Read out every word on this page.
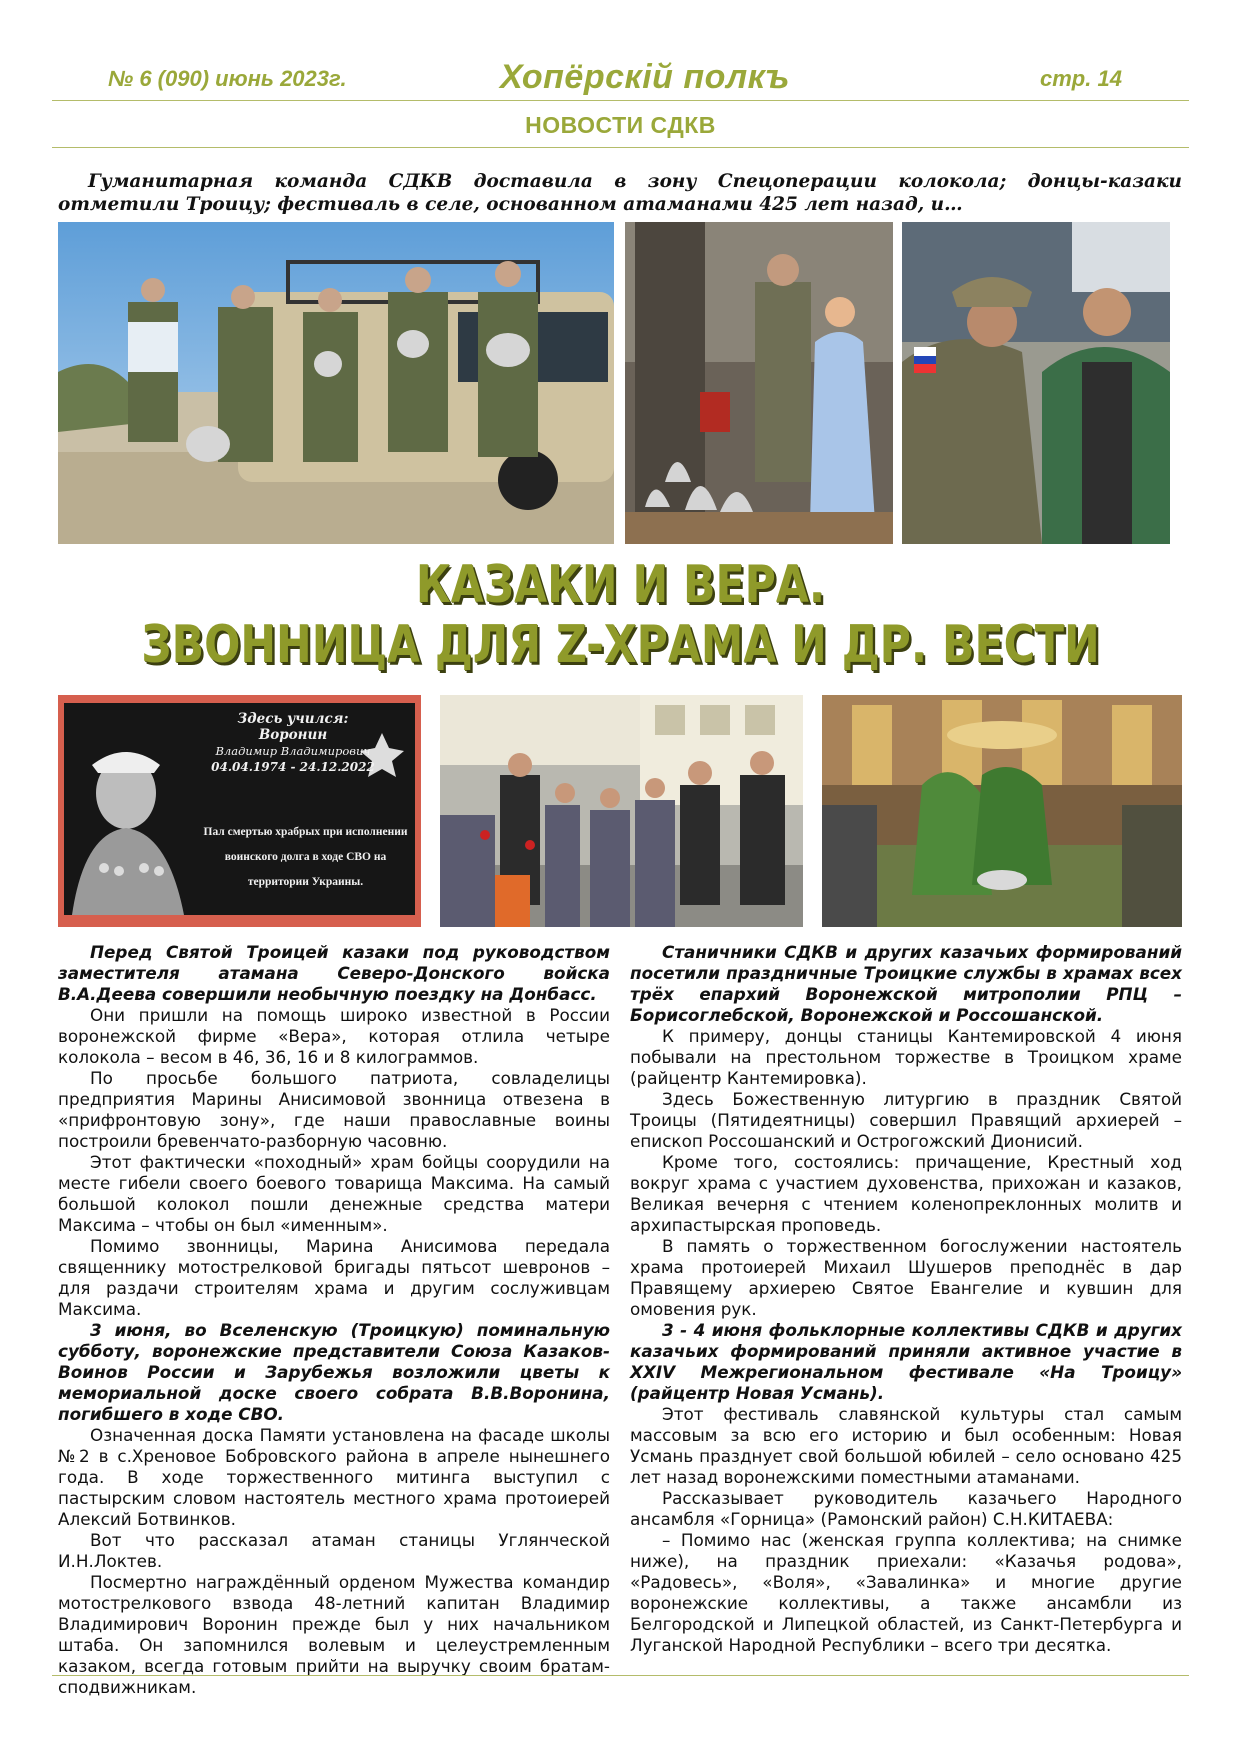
№ 6 (090) июнь 2023г.	Хопёрскiй полкъ	стр. 14
НОВОСТИ СДКВ
Гуманитарная команда СДКВ доставила в зону Спецоперации колокола; донцы-казаки отметили Троицу; фестиваль в селе, основанном атаманами 425 лет назад, и…
КАЗАКИ И ВЕРА.
ЗВОННИЦА ДЛЯ Z-ХРАМА И ДР. ВЕСТИ
Здесь учился:
Воронин
Владимир Владимирович
04.04.1974 - 24.12.2022
Пал смертью храбрых при исполнении
воинского долга в ходе СВО на
территории Украины.

Перед Святой Троицей казаки под руководством заместителя атамана Северо-Донского войска В.А.Деева совершили необычную поездку на Донбасс.

Они пришли на помощь широко известной в России воронежской фирме «Вера», которая отлила четыре колокола – весом в 46, 36, 16 и 8 килограммов.

По просьбе большого патриота, совладелицы предприятия Марины Анисимовой звонница отвезена в «прифронтовую зону», где наши православные воины построили бревенчато-разборную часовню.

Этот фактически «походный» храм бойцы соорудили на месте гибели своего боевого товарища Максима. На самый большой колокол пошли денежные средства матери Максима – чтобы он был «именным».

Помимо звонницы, Марина Анисимова передала священнику мотострелковой бригады пятьсот шевронов – для раздачи строителям храма и другим сослуживцам Максима.

3 июня, во Вселенскую (Троицкую) поминальную субботу, воронежские представители Союза Казаков-Воинов России и Зарубежья возложили цветы к мемориальной доске своего собрата В.В.Воронина, погибшего в ходе СВО.

Означенная доска Памяти установлена на фасаде школы №2 в с.Хреновое Бобровского района в апреле нынешнего года. В ходе торжественного митинга выступил с пастырским словом настоятель местного храма протоиерей Алексий Ботвинков.

Вот что рассказал атаман станицы Углянческой И.Н.Локтев.

Посмертно награждённый орденом Мужества командир мотострелкового взвода 48-летний капитан Владимир Владимирович Воронин прежде был у них начальником штаба. Он запомнился волевым и целеустремленным казаком, всегда готовым прийти на выручку своим братам-сподвижникам.

Станичники СДКВ и других казачьих формирований посетили праздничные Троицкие службы в храмах всех трёх епархий Воронежской митрополии РПЦ – Борисоглебской, Воронежской и Россошанской.

К примеру, донцы станицы Кантемировской 4 июня побывали на престольном торжестве в Троицком храме (райцентр Кантемировка).

Здесь Божественную литургию в праздник Святой Троицы (Пятидеятницы) совершил Правящий архиерей – епископ Россошанский и Острогожский Дионисий.

Кроме того, состоялись: причащение, Крестный ход вокруг храма с участием духовенства, прихожан и казаков, Великая вечерня с чтением коленопреклонных молитв и архипастырская проповедь.

В память о торжественном богослужении настоятель храма протоиерей Михаил Шушеров преподнёс в дар Правящему архиерею Святое Евангелие и кувшин для омовения рук.

3 - 4 июня фольклорные коллективы СДКВ и других казачьих формирований приняли активное участие в XXIV Межрегиональном фестивале «На Троицу» (райцентр Новая Усмань).

Этот фестиваль славянской культуры стал самым массовым за всю его историю и был особенным: Новая Усмань празднует свой большой юбилей – село основано 425 лет назад воронежскими поместными атаманами.

Рассказывает руководитель казачьего Народного ансамбля «Горница» (Рамонский район) С.Н.КИТАЕВА:

– Помимо нас (женская группа коллектива; на снимке ниже), на праздник приехали: «Казачья родова», «Радовесь», «Воля», «Завалинка» и многие другие воронежские коллективы, а также ансамбли из Белгородской и Липецкой областей, из Санкт-Петербурга и Луганской Народной Республики – всего три десятка.
